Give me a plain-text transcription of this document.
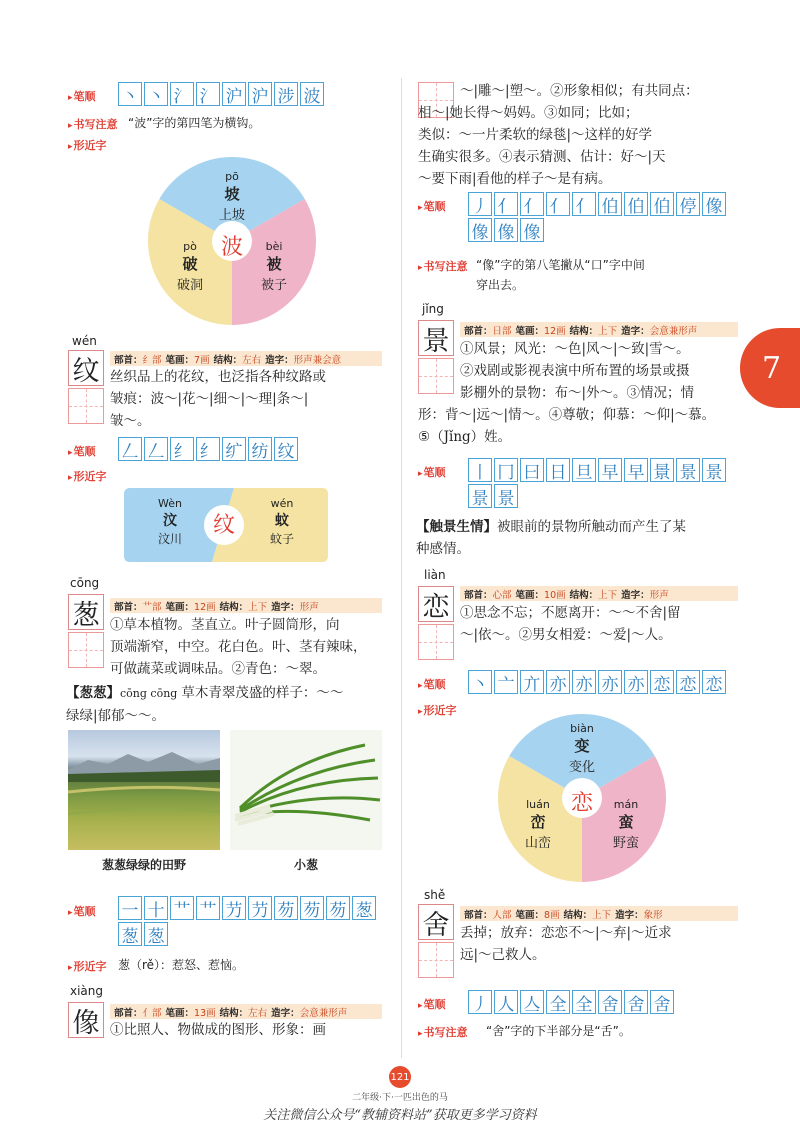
7
▸ 笔顺 丶 丶 氵 氵 沪 沪 涉 波
▸ 书写注意 “波”字的第四笔为横钩。
▸ 形近字
波
pō
坡
上坡
pò
破
破洞
bèi
被
被子
wén
纹	部首： 纟部 笔画： 7画 结构： 左右 造字： 形声兼会意
丝织品上的花纹，也泛指各种纹路或
皱痕：波～|花～|细～|～理|条～|
皱～。
▸ 笔顺 𠃋 𠃋 纟 纟 纩 纺 纹
▸ 形近字
纹
Wèn
汶
汶川
wén
蚊
蚊子
cōng
葱	部首： 艹部 笔画： 12画 结构： 上下 造字： 形声
①草本植物。茎直立。叶子圆筒形，向
顶端渐窄，中空。花白色。叶、茎有辣味，
可做蔬菜或调味品。②青色：～翠。
【葱葱】cōng cōng 草木青翠茂盛的样子：～～
绿绿|郁郁～～。
葱葱绿绿的田野	小葱
▸ 笔顺 一 十 艹 艹 芀 芀 芴 芴 芴 葱
葱 葱
▸ 形近字 葱（rě）：惹怒、惹恼。
xiàng
像	部首： 亻部 笔画： 13画 结构： 左右 造字： 会意兼形声
①比照人、物做成的图形、形象：画
～|雕～|塑～。②形象相似；有共同点：
相～|她长得～妈妈。③如同；比如；
类似：～一片柔软的绿毯|～这样的好学
生确实很多。④表示猜测、估计：好～|天
～要下雨|看他的样子～是有病。
▸ 笔顺 丿 亻 亻 亻 亻 伯 伯 伯 停 像
像 像 像
▸ 书写注意 “像”字的第八笔撇从“口”字中间
穿出去。
jǐng
景	部首： 日部 笔画： 12画 结构： 上下 造字： 会意兼形声
①风景；风光：～色|风～|～致|雪～。
②戏剧或影视表演中所布置的场景或摄
影棚外的景物：布～|外～。③情况；情
形：背～|远～|情～。④尊敬；仰慕：～仰|～慕。
⑤（Jǐng）姓。
▸ 笔顺 丨 冂 曰 日 旦 早 早 㬌 景 景
景 景
【触景生情】被眼前的景物所触动而产生了某
种感情。
liàn
恋	部首： 心部 笔画： 10画 结构： 上下 造字： 形声
①思念不忘；不愿离开：～～不舍|留
～|依～。②男女相爱：～爱|～人。
▸ 笔顺 丶 亠 亣 亦 亦 亦 亦 恋 恋 恋
▸ 形近字
恋
biàn
变
变化
luán
峦
山峦
mán
蛮
野蛮
shě
舍	部首： 人部 笔画： 8画 结构： 上下 造字： 象形
丢掉；放弃：恋恋不～|～弃|～近求
远|～己救人。
▸ 笔顺 丿 人 亼 全 全 舍 舍 舍
▸ 书写注意 “舍”字的下半部分是“舌”。
121
二年级·下·一匹出色的马
关注微信公众号“教辅资料站”获取更多学习资料
